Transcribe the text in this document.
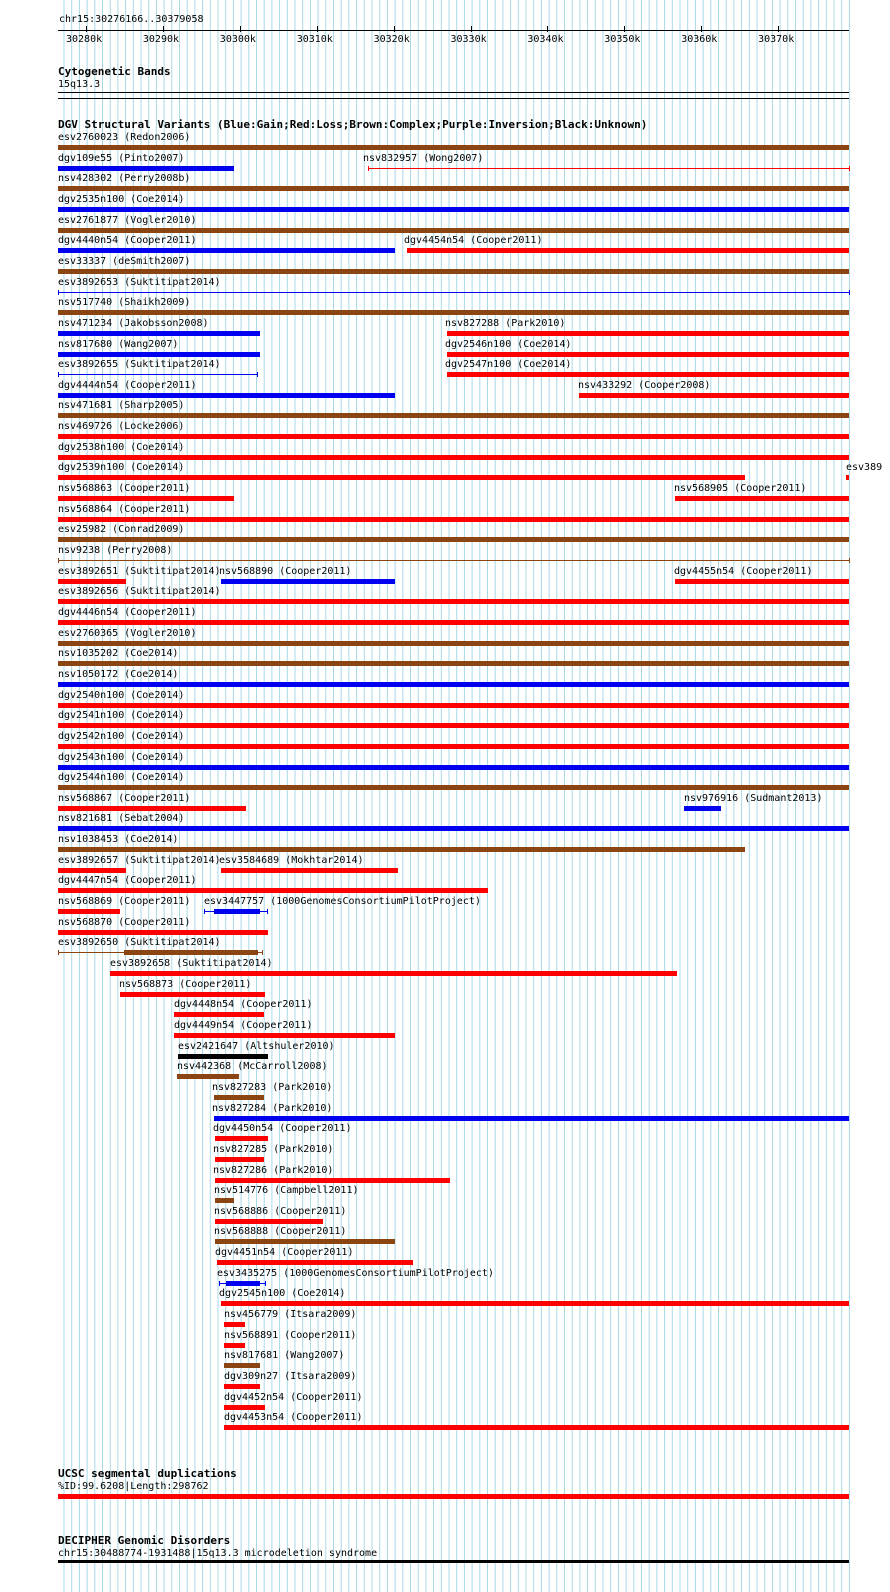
chr15:30276166..30379058
30280k	30290k	30300k	30310k	30320k	30330k	30340k	30350k	30360k	30370k
Cytogenetic Bands
15q13.3
DGV Structural Variants (Blue:Gain;Red:Loss;Brown:Complex;Purple:Inversion;Black:Unknown)
esv2760023 (Redon2006)
dgv109e55 (Pinto2007)	nsv832957 (Wong2007)
nsv428302 (Perry2008b)
dgv2535n100 (Coe2014)
esv2761877 (Vogler2010)
dgv4440n54 (Cooper2011)	dgv4454n54 (Cooper2011)
esv33337 (deSmith2007)
esv3892653 (Suktitipat2014)
nsv517740 (Shaikh2009)
nsv471234 (Jakobsson2008)	nsv827288 (Park2010)
nsv817680 (Wang2007)	dgv2546n100 (Coe2014)
esv3892655 (Suktitipat2014)	dgv2547n100 (Coe2014)
dgv4444n54 (Cooper2011)	nsv433292 (Cooper2008)
nsv471681 (Sharp2005)
nsv469726 (Locke2006)
dgv2538n100 (Coe2014)
dgv2539n100 (Coe2014)	esv389
nsv568863 (Cooper2011)	nsv568905 (Cooper2011)
nsv568864 (Cooper2011)
esv25982 (Conrad2009)
nsv9238 (Perry2008)
esv3892651 (Suktitipat2014)
nsv568890 (Cooper2011)	dgv4455n54 (Cooper2011)
esv3892656 (Suktitipat2014)
dgv4446n54 (Cooper2011)
esv2760365 (Vogler2010)
nsv1035202 (Coe2014)
nsv1050172 (Coe2014)
dgv2540n100 (Coe2014)
dgv2541n100 (Coe2014)
dgv2542n100 (Coe2014)
dgv2543n100 (Coe2014)
dgv2544n100 (Coe2014)
nsv568867 (Cooper2011)	nsv976916 (Sudmant2013)
nsv821681 (Sebat2004)
nsv1038453 (Coe2014)
esv3892657 (Suktitipat2014)
esv3584689 (Mokhtar2014)
dgv4447n54 (Cooper2011)
nsv568869 (Cooper2011) esv3447757 (1000GenomesConsortiumPilotProject)
nsv568870 (Cooper2011)
esv3892650 (Suktitipat2014)
esv3892658 (Suktitipat2014)
nsv568873 (Cooper2011)
dgv4448n54 (Cooper2011)
dgv4449n54 (Cooper2011)
esv2421647 (Altshuler2010)
nsv442368 (McCarroll2008)
nsv827283 (Park2010)
nsv827284 (Park2010)
dgv4450n54 (Cooper2011)
nsv827285 (Park2010)
nsv827286 (Park2010)
nsv514776 (Campbell2011)
nsv568886 (Cooper2011)
nsv568888 (Cooper2011)
dgv4451n54 (Cooper2011)
esv3435275 (1000GenomesConsortiumPilotProject)
dgv2545n100 (Coe2014)
nsv456779 (Itsara2009)
nsv568891 (Cooper2011)
nsv817681 (Wang2007)
dgv309n27 (Itsara2009)
dgv4452n54 (Cooper2011)
dgv4453n54 (Cooper2011)
UCSC segmental duplications
%ID:99.6208|Length:298762
DECIPHER Genomic Disorders
chr15:30488774-1931488|15q13.3 microdeletion syndrome
